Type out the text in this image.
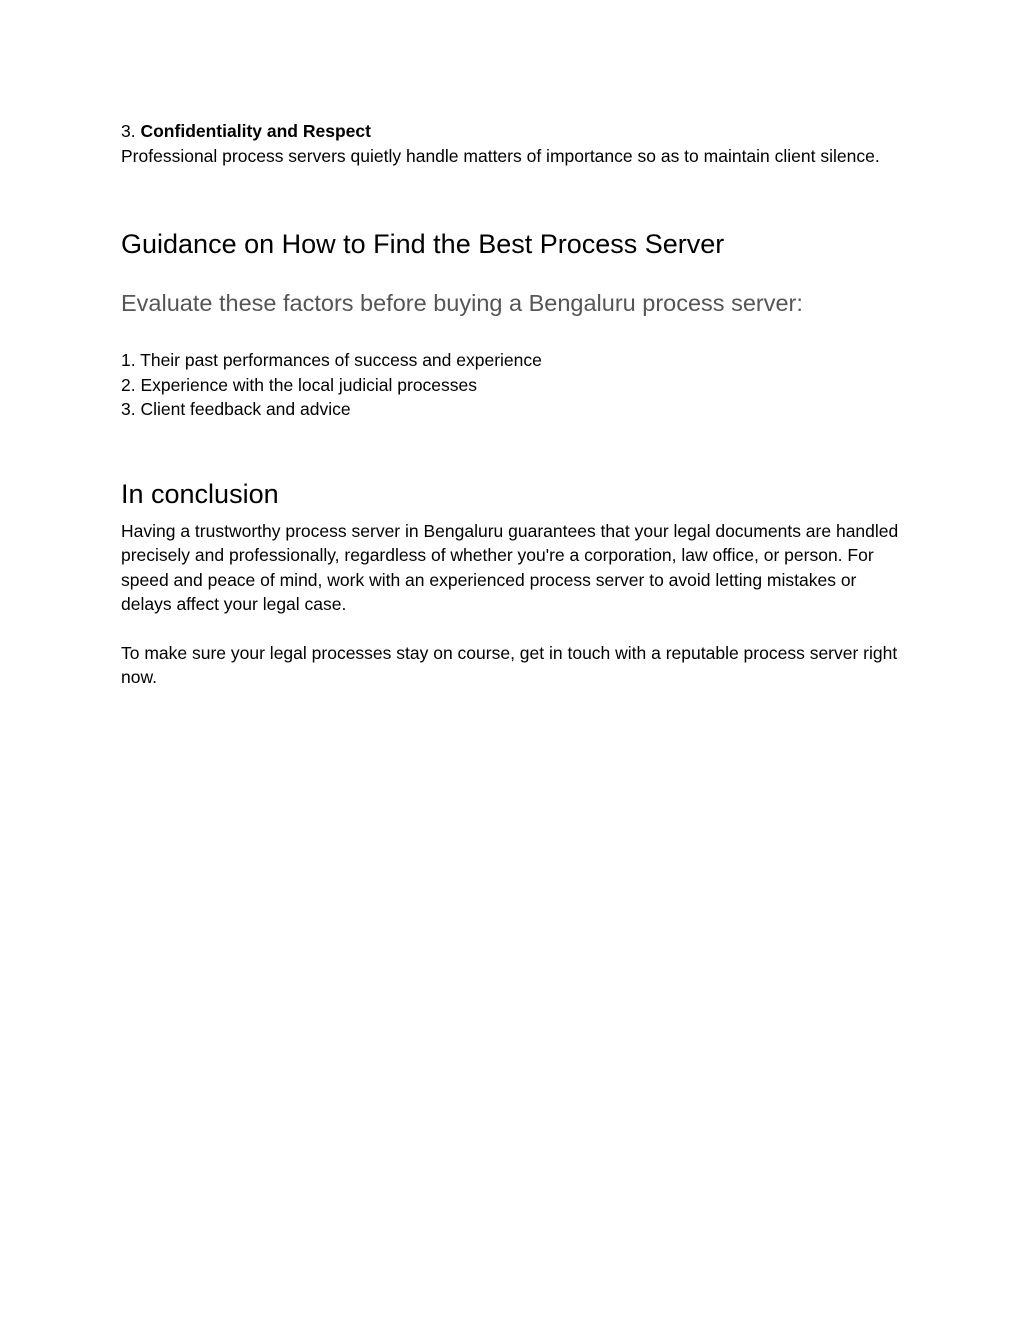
3. Confidentiality and Respect

Professional process servers quietly handle matters of importance so as to maintain client silence.

Guidance on How to Find the Best Process Server
Evaluate these factors before buying a Bengaluru process server:
1. Their past performances of success and experience
2. Experience with the local judicial processes
3. Client feedback and advice
In conclusion

Having a trustworthy process server in Bengaluru guarantees that your legal documents are handled precisely and professionally, regardless of whether you're a corporation, law office, or person. For speed and peace of mind, work with an experienced process server to avoid letting mistakes or delays affect your legal case.

To make sure your legal processes stay on course, get in touch with a reputable process server right now.
